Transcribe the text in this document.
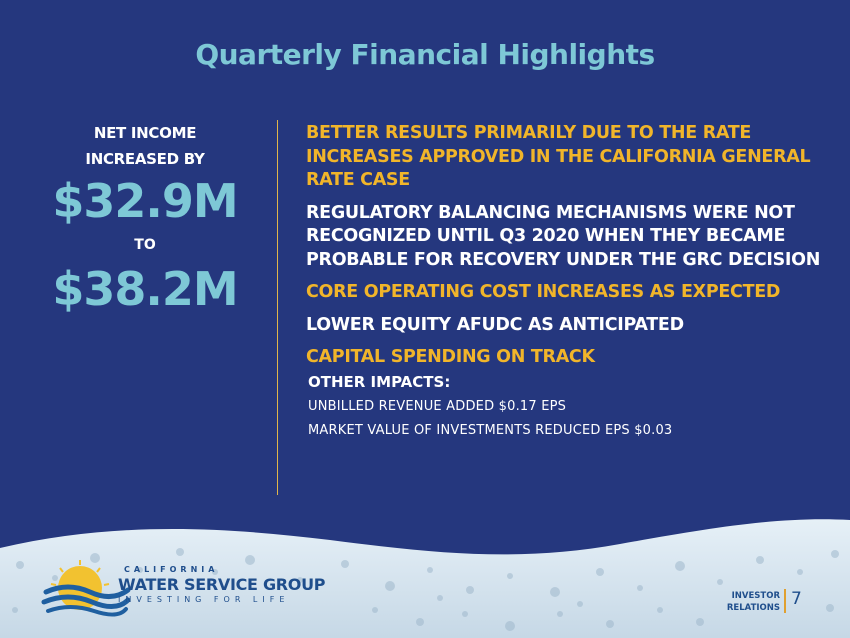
Quarterly Financial Highlights
NET INCOME
INCREASED BY
$32.9M
TO
$38.2M
BETTER RESULTS PRIMARILY DUE TO THE RATE
INCREASES APPROVED IN THE CALIFORNIA GENERAL
RATE CASE
REGULATORY BALANCING MECHANISMS WERE NOT
RECOGNIZED UNTIL Q3 2020 WHEN THEY BECAME
PROBABLE FOR RECOVERY UNDER THE GRC DECISION
CORE OPERATING COST INCREASES AS EXPECTED
LOWER EQUITY AFUDC AS ANTICIPATED
CAPITAL SPENDING ON TRACK
OTHER IMPACTS:
UNBILLED REVENUE ADDED $0.17 EPS
MARKET VALUE OF INVESTMENTS REDUCED EPS $0.03
CALIFORNIA
WATER SERVICE GROUP
INVESTING FOR LIFE	INVESTOR
RELATIONS 7
